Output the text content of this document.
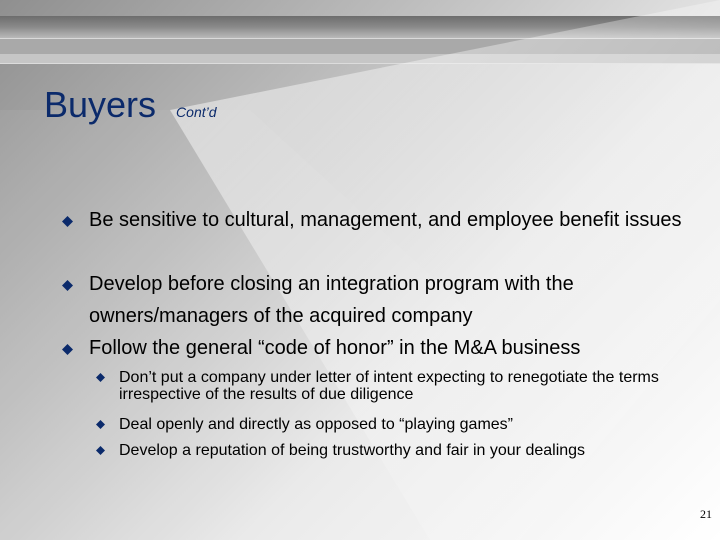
Buyers Cont’d
Be sensitive to cultural, management, and employee benefit issues
Develop before closing an integration program with the owners/managers of the acquired company
Follow the general “code of honor” in the M&A business
Don’t put a company under letter of intent expecting to renegotiate the terms irrespective of the results of due diligence
Deal openly and directly as opposed to “playing games”
Develop a reputation of being trustworthy and fair in your dealings
21
